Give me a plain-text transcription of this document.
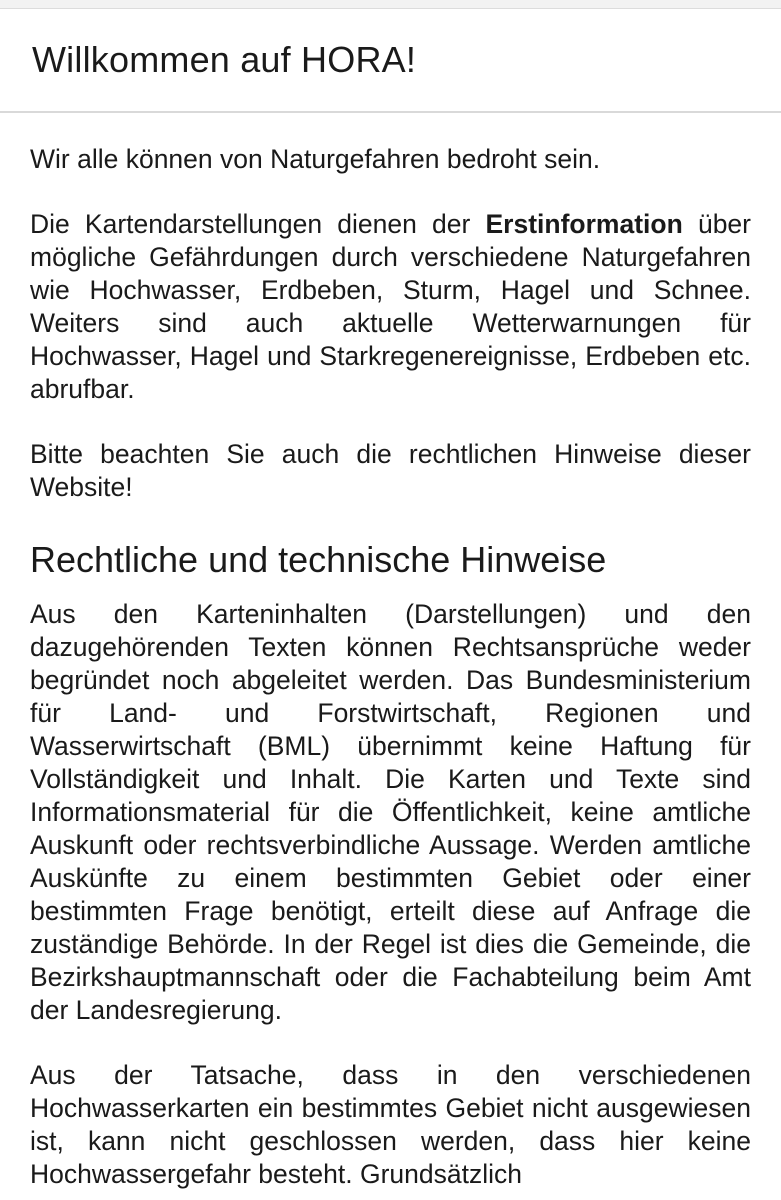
Willkommen auf HORA!

Wir alle können von Naturgefahren bedroht sein.

Die Kartendarstellungen dienen der Erstinformation über mögliche Gefährdungen durch verschiedene Naturgefahren wie Hochwasser, Erdbeben, Sturm, Hagel und Schnee. Weiters sind auch aktuelle Wetterwarnungen für Hochwasser, Hagel und Starkregenereignisse, Erdbeben etc. abrufbar.

Bitte beachten Sie auch die rechtlichen Hinweise dieser Website!

Rechtliche und technische Hinweise

Aus den Karteninhalten (Darstellungen) und den dazugehörenden Texten können Rechtsansprüche weder begründet noch abgeleitet werden. Das Bundesministerium für Land- und Forstwirtschaft, Regionen und Wasserwirtschaft (BML) übernimmt keine Haftung für Vollständigkeit und Inhalt. Die Karten und Texte sind Informationsmaterial für die Öffentlichkeit, keine amtliche Auskunft oder rechtsverbindliche Aussage. Werden amtliche Auskünfte zu einem bestimmten Gebiet oder einer bestimmten Frage benötigt, erteilt diese auf Anfrage die zuständige Behörde. In der Regel ist dies die Gemeinde, die Bezirkshauptmannschaft oder die Fachabteilung beim Amt der Landesregierung.

Aus der Tatsache, dass in den verschiedenen Hochwasserkarten ein bestimmtes Gebiet nicht ausgewiesen ist, kann nicht geschlossen werden, dass hier keine Hochwassergefahr besteht. Grundsätzlich
